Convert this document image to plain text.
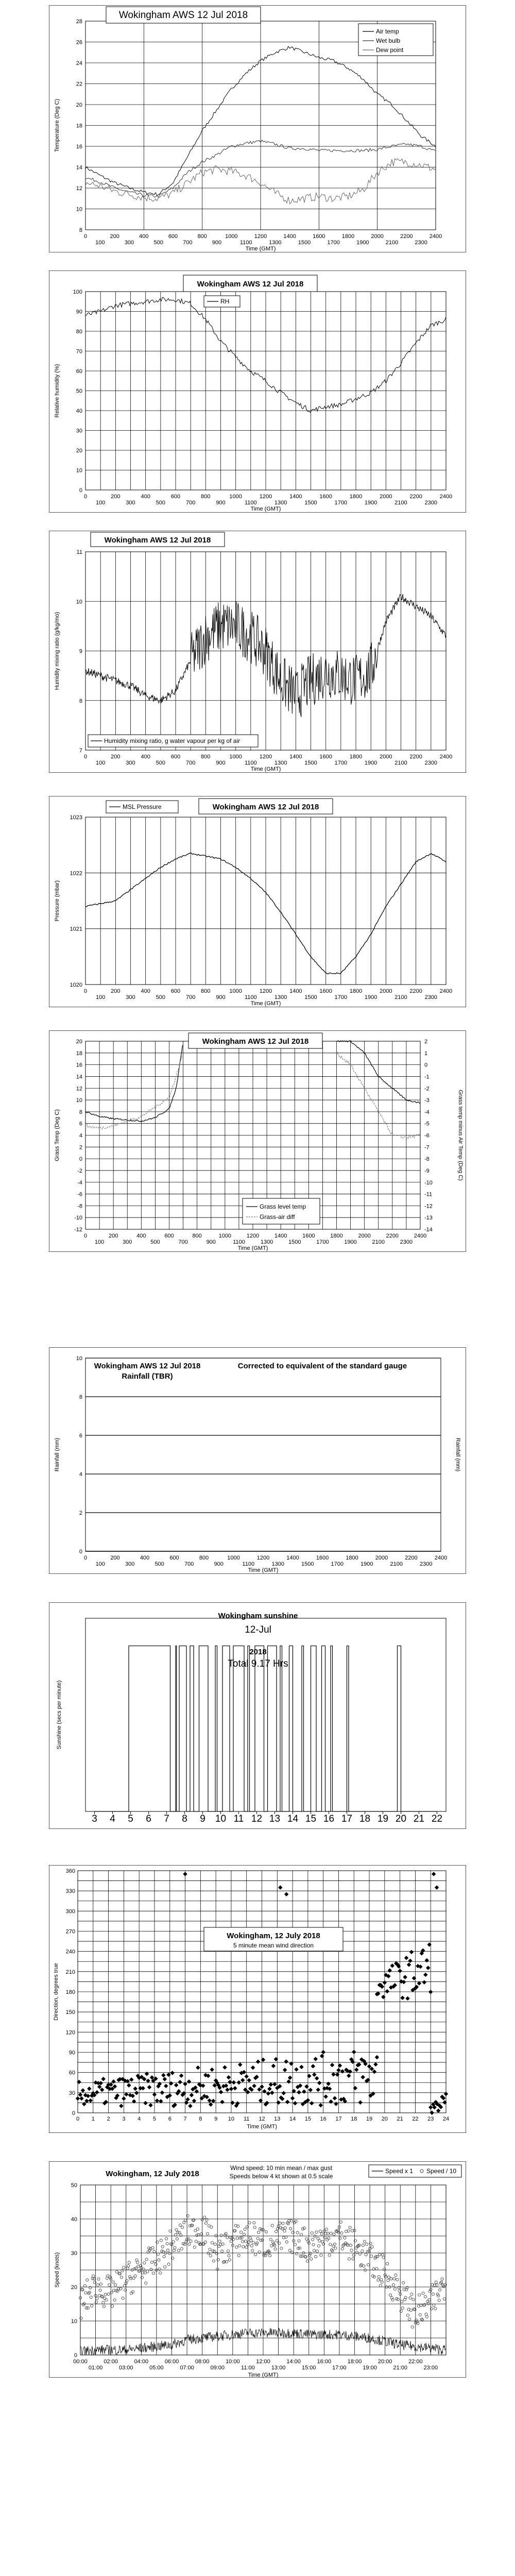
8
10
12
14
16
18
20
22
24
26
28
0
100
200
300
400
500
600
700
800
900
1000
1100
1200
1300
1400
1500
1600
1700
1800
1900
2000
2100
2200
2300
2400
Wokingham AWS 12 Jul 2018
Time (GMT)
Temperature (Deg C)
Air temp
Wet bulb
Dew point
0
10
20
30
40
50
60
70
80
90
100
0
100
200
300
400
500
600
700
800
900
1000
1100
1200
1300
1400
1500
1600
1700
1800
1900
2000
2100
2200
2300
2400
Wokingham AWS 12 Jul 2018
RH
Time (GMT)
Relative humidity (%)
7
8
9
10
11
0
100
200
300
400
500
600
700
800
900
1000
1100
1200
1300
1400
1500
1600
1700
1800
1900
2000
2100
2200
2300
2400
Wokingham AWS 12 Jul 2018
Humidity mixing ratio, g water vapour per kg of air
Time (GMT)
Humidity mixing ratio (g/kg/mo)
1020
1021
1022
1023
0
100
200
300
400
500
600
700
800
900
1000
1100
1200
1300
1400
1500
1600
1700
1800
1900
2000
2100
2200
2300
2400
MSL Pressure	Wokingham AWS 12 Jul 2018
Time (GMT)
Pressure (mbar)
-12
-10
-8
-6
-4
-2
0
2
4
6
8
10
12
14
16
18
20
-14
-13
-12
-11
-10
-9
-8
-7
-6
-5
-4
-3
-2
-1
0
1
2
0
100
200
300
400
500
600
700
800
900
1000
1100
1200
1300
1400
1500
1600
1700
1800
1900
2000
2100
2200
2300
2400
Wokingham AWS 12 Jul 2018
Grass level temp
Grass-air diff
Time (GMT)
Grass Temp (Deg C)	Grass temp minus Air Temp (Deg C)
0
2
4
6
8
10
0
100
200
300
400
500
600
700
800
900
1000
1100
1200
1300
1400
1500
1600
1700
1800
1900
2000
2100
2200
2300
2400
Wokingham AWS 12 Jul 2018
Rainfall (TBR)
Corrected to equivalent of the standard gauge
Time (GMT)
Rainfall (mm)	Rainfall (mm)
3 4 5 6 7 8 9 10 11 12 13 14 15 16 17 18 19 20 21 22
Wokingham sunshine
12-Jul
2018
Total 9.17 Hrs
Sunshine (secs per minute)
0
30
60
90
120
150
180
210
240
270
300
330
360
0 1 2 3 4 5 6 7 8 9 10 11 12 13 14 15 16 17 18 19 20 21 22 23 24
Wokingham, 12 July 2018
5 minute mean wind direction
Time (GMT)
Direction, degrees true
0
10
20
30
40
50
00:00
01:00
02:00
03:00
04:00
05:00
06:00
07:00
08:00
09:00
10:00
11:00
12:00
13:00
14:00
15:00
16:00
17:00
18:00
19:00
20:00
21:00
22:00
23:00
Wokingham, 12 July 2018
Wind speed: 10 min mean / max gust
Speeds below 4 kt shown at 0.5 scale
Speed x 1 Speed / 10
Time (GMT)
Speed (knots)
